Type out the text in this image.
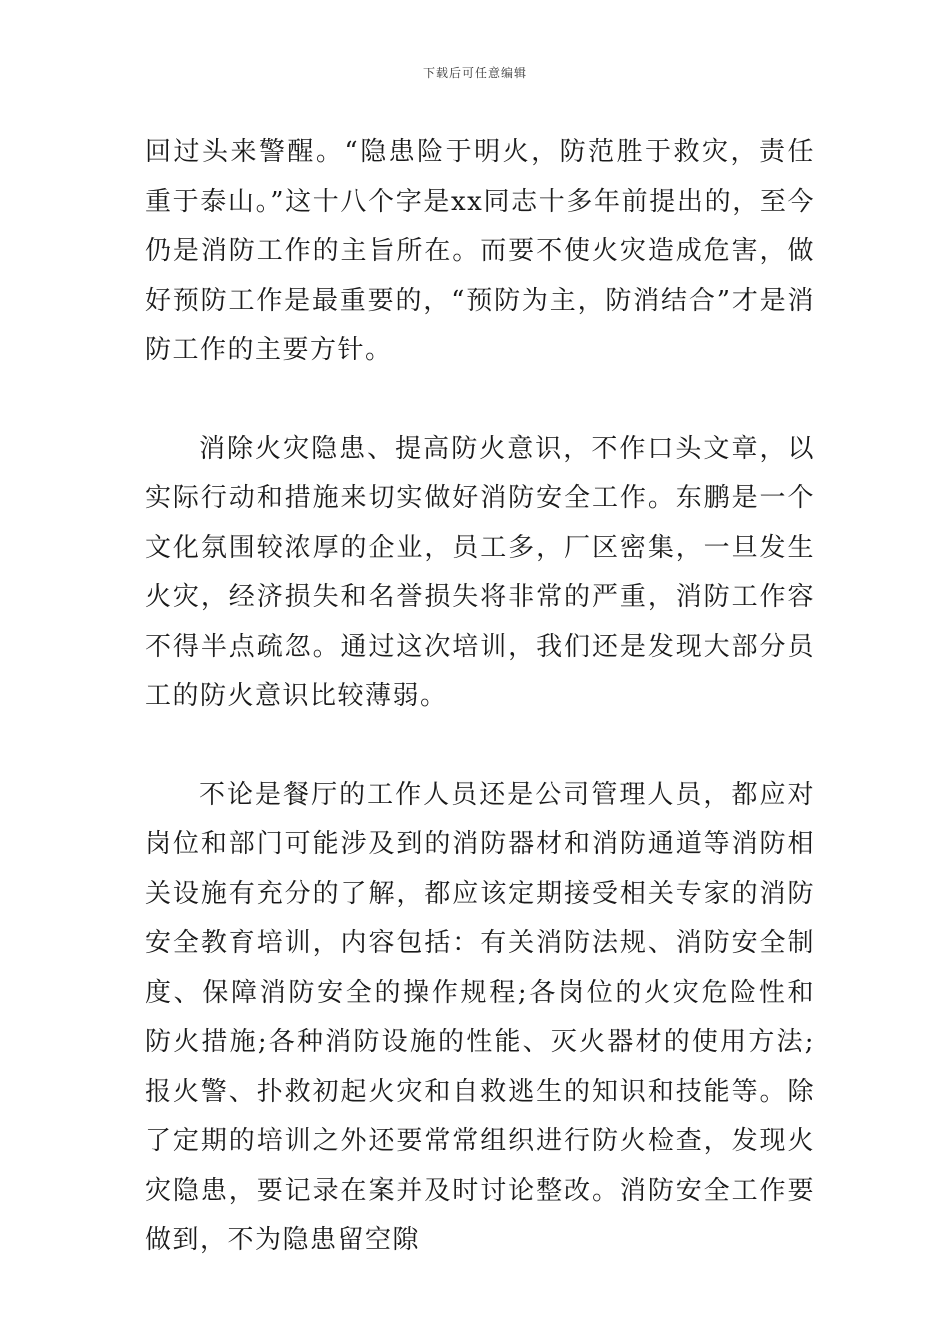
下载后可任意编辑

回过头来警醒。“隐患险于明火，防范胜于救灾，责任重于泰山。”这十八个字是xx同志十多年前提出的，至今仍是消防工作的主旨所在。而要不使火灾造成危害，做好预防工作是最重要的，“预防为主，防消结合”才是消防工作的主要方针。

消除火灾隐患、提高防火意识，不作口头文章，以实际行动和措施来切实做好消防安全工作。东鹏是一个文化氛围较浓厚的企业，员工多，厂区密集，一旦发生火灾，经济损失和名誉损失将非常的严重，消防工作容不得半点疏忽。通过这次培训，我们还是发现大部分员工的防火意识比较薄弱。

不论是餐厅的工作人员还是公司管理人员，都应对岗位和部门可能涉及到的消防器材和消防通道等消防相关设施有充分的了解，都应该定期接受相关专家的消防安全教育培训，内容包括：有关消防法规、消防安全制度、保障消防安全的操作规程;各岗位的火灾危险性和防火措施;各种消防设施的性能、灭火器材的使用方法;报火警、扑救初起火灾和自救逃生的知识和技能等。除了定期的培训之外还要常常组织进行防火检查，发现火灾隐患，要记录在案并及时讨论整改。消防安全工作要做到，不为隐患留空隙
